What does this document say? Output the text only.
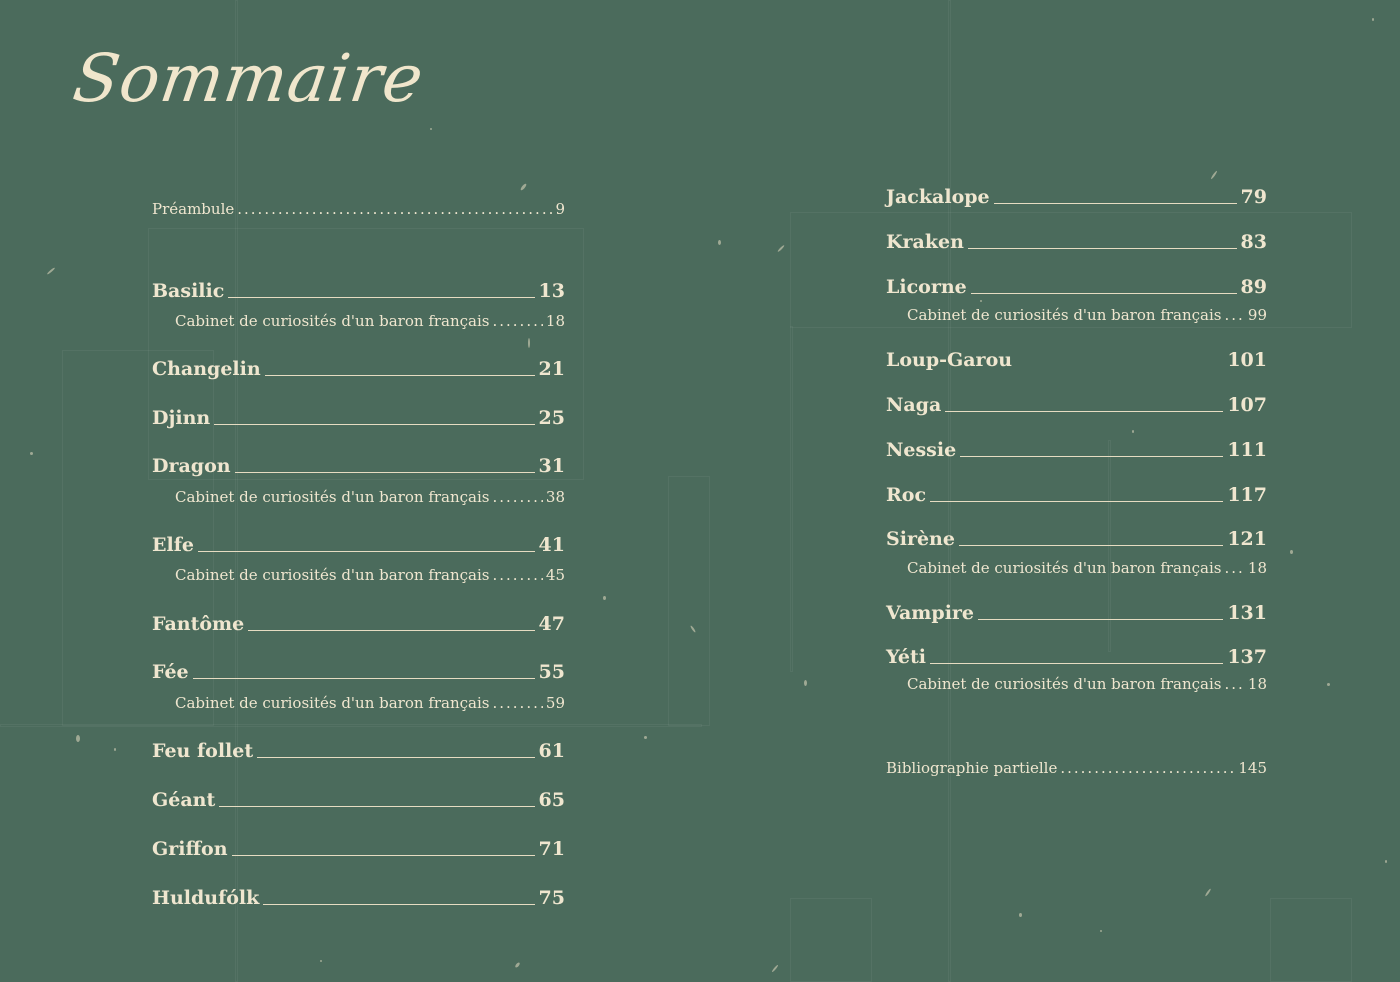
Sommaire
Préambule .....	9
Basilic	13
Cabinet de curiosités d'un baron français .....	18
Changelin	21
Djinn	25
Dragon	31
Cabinet de curiosités d'un baron français .....	38
Elfe	41
Cabinet de curiosités d'un baron français .....	45
Fantôme	47
Fée	55
Cabinet de curiosités d'un baron français .....	59
Feu follet	61
Géant	65
Griffon	71
Huldufólk	75
Jackalope	79
Kraken	83
Licorne	89
Cabinet de curiosités d'un baron français ..... 99
Loup-Garou	101
Naga	107
Nessie	111
Roc	117
Sirène	121
Cabinet de curiosités d'un baron français ..... 18
Vampire	131
Yéti	137
Cabinet de curiosités d'un baron français ..... 18
Bibliographie partielle .....	145
